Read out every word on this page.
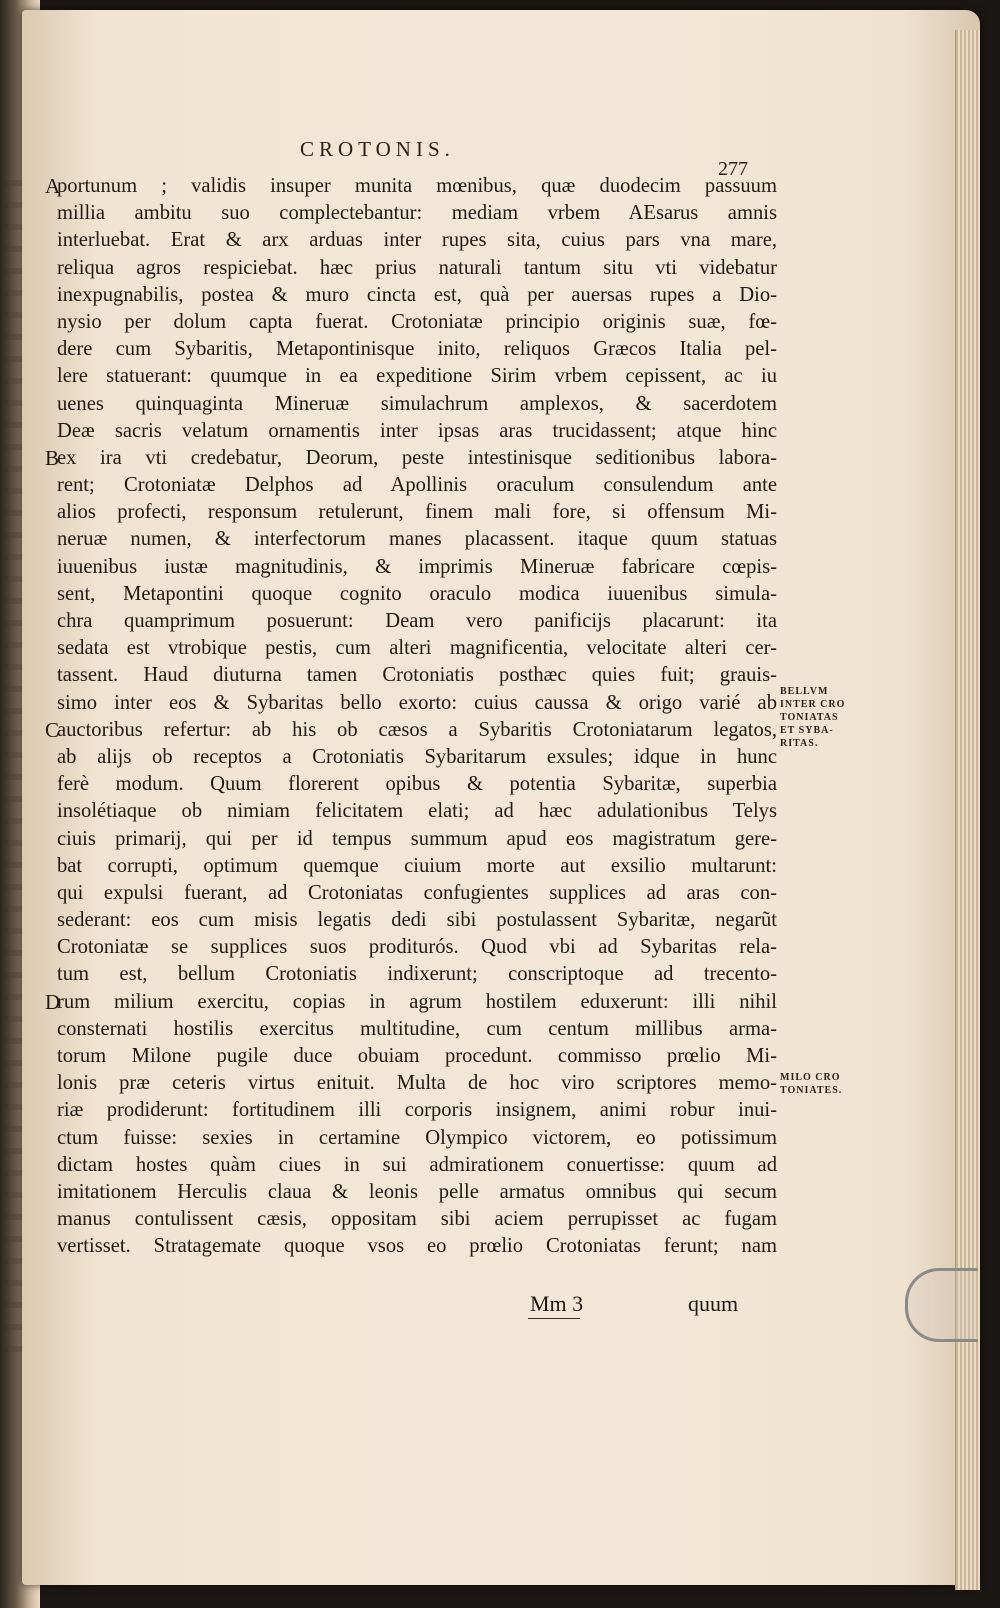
CROTONIS.
277
A
portunum ; validis insuper munita mœnibus, quæ duodecim passuum
millia ambitu suo complectebantur: mediam vrbem AEsarus amnis
interluebat. Erat & arx arduas inter rupes sita, cuius pars vna mare,
reliqua agros respiciebat. hæc prius naturali tantum situ vti videbatur
inexpugnabilis, postea & muro cincta est, quà per auersas rupes a Dio-
nysio per dolum capta fuerat. Crotoniatæ principio originis suæ, fœ-
dere cum Sybaritis, Metapontinisque inito, reliquos Græcos Italia pel-
lere statuerant: quumque in ea expeditione Sirim vrbem cepissent, ac iu
uenes quinquaginta Mineruæ simulachrum amplexos, & sacerdotem
Deæ sacris velatum ornamentis inter ipsas aras trucidassent; atque hinc
B
ex ira vti credebatur, Deorum, peste intestinisque seditionibus labora-
rent; Crotoniatæ Delphos ad Apollinis oraculum consulendum ante
alios profecti, responsum retulerunt, finem mali fore, si offensum Mi-
neruæ numen, & interfectorum manes placassent. itaque quum statuas
iuuenibus iustæ magnitudinis, & imprimis Mineruæ fabricare cœpis-
sent, Metapontini quoque cognito oraculo modica iuuenibus simula-
chra quamprimum posuerunt: Deam vero panificijs placarunt: ita
sedata est vtrobique pestis, cum alteri magnificentia, velocitate alteri cer-
tassent. Haud diuturna tamen Crotoniatis posthæc quies fuit; grauis-
simo inter eos & Sybaritas bello exorto: cuius caussa & origo varié ab
C
auctoribus refertur: ab his ob cæsos a Sybaritis Crotoniatarum legatos,
ab alijs ob receptos a Crotoniatis Sybaritarum exsules; idque in hunc
ferè modum. Quum florerent opibus & potentia Sybaritæ, superbia
insolétiaque ob nimiam felicitatem elati; ad hæc adulationibus Telys
ciuis primarij, qui per id tempus summum apud eos magistratum gere-
bat corrupti, optimum quemque ciuium morte aut exsilio multarunt:
qui expulsi fuerant, ad Crotoniatas confugientes supplices ad aras con-
sederant: eos cum misis legatis dedi sibi postulassent Sybaritæ, negarũt
Crotoniatæ se supplices suos proditurós. Quod vbi ad Sybaritas rela-
tum est, bellum Crotoniatis indixerunt; conscriptoque ad trecento-
D
rum milium exercitu, copias in agrum hostilem eduxerunt: illi nihil
consternati hostilis exercitus multitudine, cum centum millibus arma-
torum Milone pugile duce obuiam procedunt. commisso prœlio Mi-
lonis præ ceteris virtus enituit. Multa de hoc viro scriptores memo-
riæ prodiderunt: fortitudinem illi corporis insignem, animi robur inui-
ctum fuisse: sexies in certamine Olympico victorem, eo potissimum
dictam hostes quàm ciues in sui admirationem conuertisse: quum ad
imitationem Herculis claua & leonis pelle armatus omnibus qui secum
manus contulissent cæsis, oppositam sibi aciem perrupisset ac fugam
vertisset. Stratagemate quoque vsos eo prœlio Crotoniatas ferunt; nam
BELLVM
INTER CRO
TONIATAS
ET SYBA-
RITAS.
MILO CRO
TONIATES.
Mm 3	quum
